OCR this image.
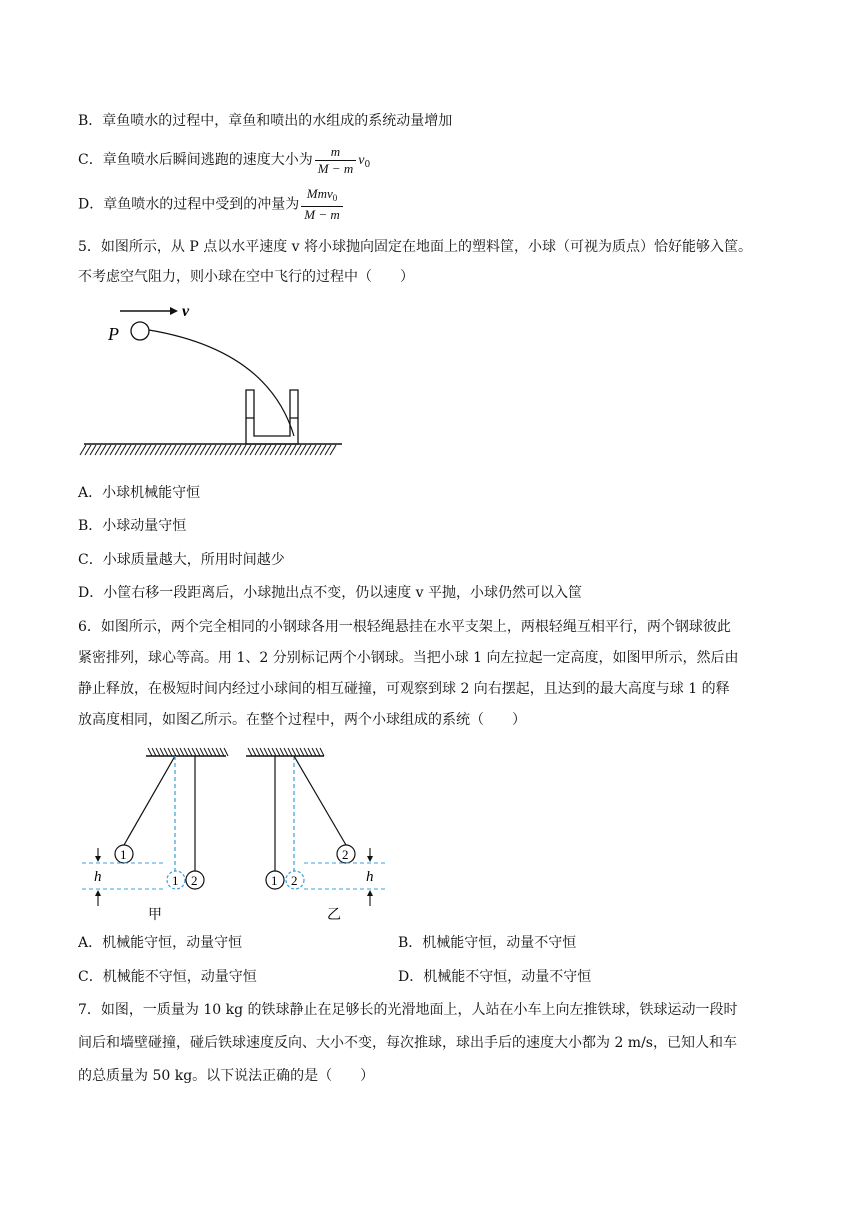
B．章鱼喷水的过程中，章鱼和喷出的水组成的系统动量增加
C．章鱼喷水后瞬间逃跑的速度大小为 $\frac{m}{M - m} v_0$
D．章鱼喷水的过程中受到的冲量为 $\frac{Mmv_0}{M - m}$
5．如图所示，从 P 点以水平速度 v 将小球抛向固定在地面上的塑料筐，小球（可视为质点）恰好能够入筐。
不考虑空气阻力，则小球在空中飞行的过程中（　　）
v
P
A．小球机械能守恒
B．小球动量守恒
C．小球质量越大，所用时间越少
D．小筐右移一段距离后，小球抛出点不变，仍以速度 v 平抛，小球仍然可以入筐
6．如图所示，两个完全相同的小钢球各用一根轻绳悬挂在水平支架上，两根轻绳互相平行，两个钢球彼此
紧密排列，球心等高。用 1、2 分别标记两个小钢球。当把小球 1 向左拉起一定高度，如图甲所示，然后由
静止释放，在极短时间内经过小球间的相互碰撞，可观察到球 2 向右摆起，且达到的最大高度与球 1 的释
放高度相同，如图乙所示。在整个过程中，两个小球组成的系统（　　）
1
1 2
h
甲
1 2
2
h
乙
A．机械能守恒，动量守恒	B．机械能守恒，动量不守恒
C．机械能不守恒，动量守恒	D．机械能不守恒，动量不守恒
7．如图，一质量为 10 kg 的铁球静止在足够长的光滑地面上，人站在小车上向左推铁球，铁球运动一段时
间后和墙壁碰撞，碰后铁球速度反向、大小不变，每次推球，球出手后的速度大小都为 2 m/s，已知人和车
的总质量为 50 kg。以下说法正确的是（　　）
